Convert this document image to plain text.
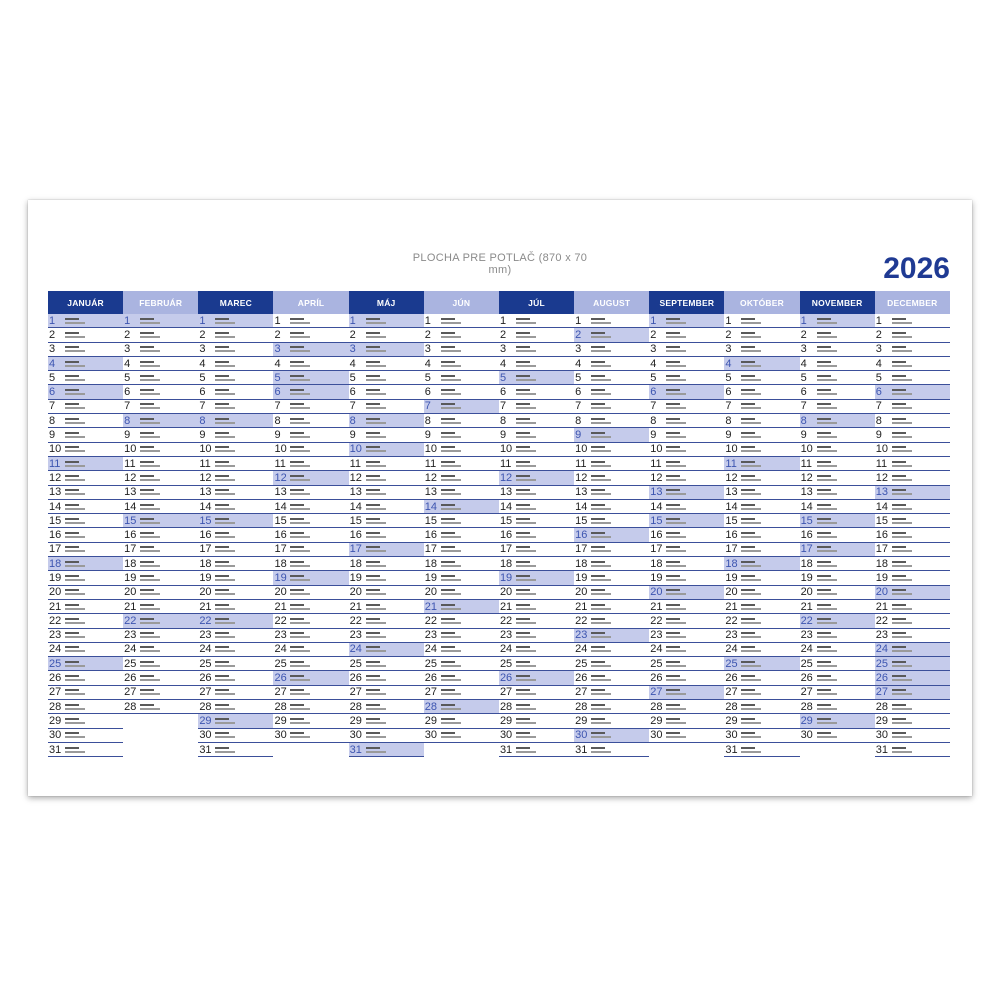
PLOCHA PRE POTLAČ (870 x 70 mm)	2026
JANUÁR
1
2
3
4
5
6
7
8
9
10
11
12
13
14
15
16
17
18
19
20
21
22
23
24
25
26
27
28
29
30
31
FEBRUÁR
1
2
3
4
5
6
7
8
9
10
11
12
13
14
15
16
17
18
19
20
21
22
23
24
25
26
27
28
MAREC
1
2
3
4
5
6
7
8
9
10
11
12
13
14
15
16
17
18
19
20
21
22
23
24
25
26
27
28
29
30
31
APRÍL
1
2
3
4
5
6
7
8
9
10
11
12
13
14
15
16
17
18
19
20
21
22
23
24
25
26
27
28
29
30
MÁJ
1
2
3
4
5
6
7
8
9
10
11
12
13
14
15
16
17
18
19
20
21
22
23
24
25
26
27
28
29
30
31
JÚN
1
2
3
4
5
6
7
8
9
10
11
12
13
14
15
16
17
18
19
20
21
22
23
24
25
26
27
28
29
30
JÚL
1
2
3
4
5
6
7
8
9
10
11
12
13
14
15
16
17
18
19
20
21
22
23
24
25
26
27
28
29
30
31
AUGUST
1
2
3
4
5
6
7
8
9
10
11
12
13
14
15
16
17
18
19
20
21
22
23
24
25
26
27
28
29
30
31
SEPTEMBER
1
2
3
4
5
6
7
8
9
10
11
12
13
14
15
16
17
18
19
20
21
22
23
24
25
26
27
28
29
30
OKTÓBER
1
2
3
4
5
6
7
8
9
10
11
12
13
14
15
16
17
18
19
20
21
22
23
24
25
26
27
28
29
30
31
NOVEMBER
1
2
3
4
5
6
7
8
9
10
11
12
13
14
15
16
17
18
19
20
21
22
23
24
25
26
27
28
29
30
DECEMBER
1
2
3
4
5
6
7
8
9
10
11
12
13
14
15
16
17
18
19
20
21
22
23
24
25
26
27
28
29
30
31
